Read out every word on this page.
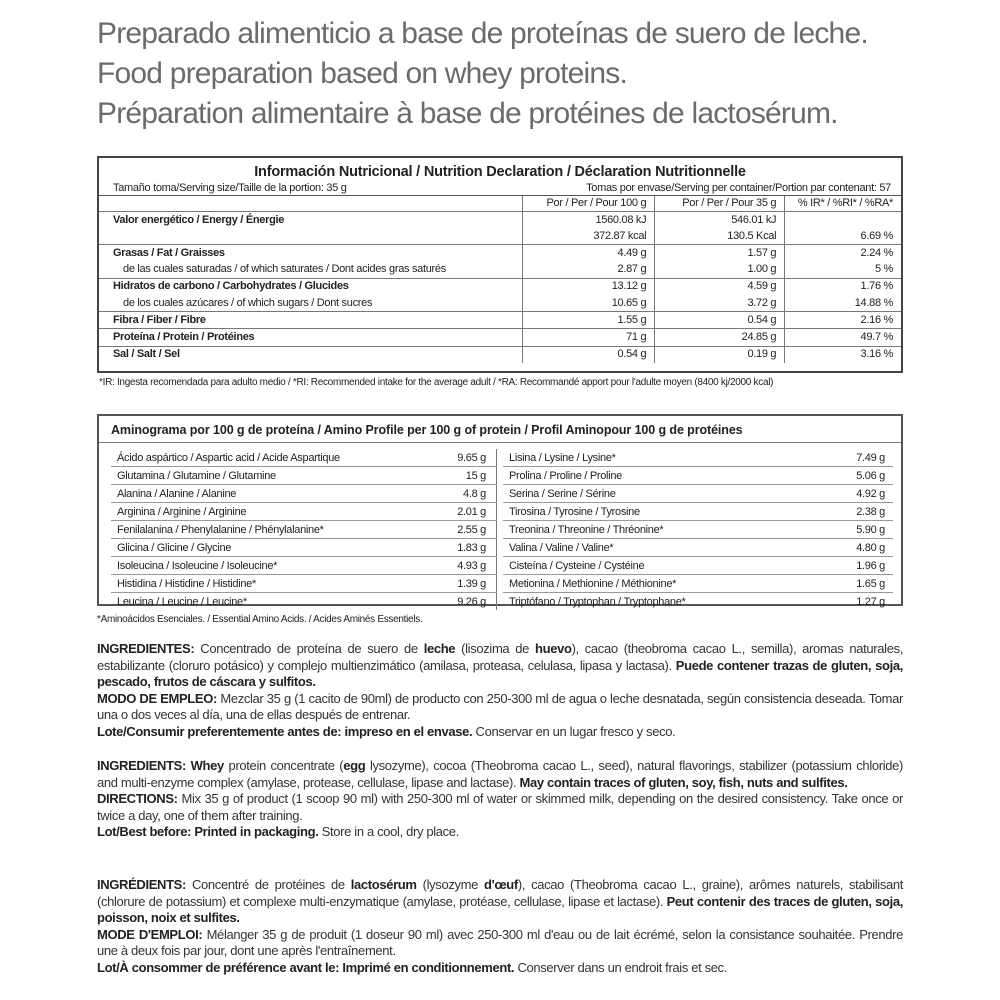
Preparado alimenticio a base de proteínas de suero de leche.
Food preparation based on whey proteins.
Préparation alimentaire à base de protéines de lactosérum.
Información Nutricional / Nutrition Declaration / Déclaration Nutritionnelle
Tamaño toma/Serving size/Taille de la portion: 35 g	Tomas por envase/Serving per container/Portion par contenant: 57
	Por / Per / Pour 100 g	Por / Per / Pour 35 g	% IR* / %RI* / %RA*
Valor energético / Energy / Énergie	1560.08 kJ	546.01 kJ	
	372.87 kcal	130.5 Kcal	6.69 %
Grasas / Fat / Graisses	4.49 g	1.57 g	2.24 %
de las cuales saturadas / of which saturates / Dont acides gras saturés	2.87 g	1.00 g	5 %
Hidratos de carbono / Carbohydrates / Glucides	13.12 g	4.59 g	1.76 %
de los cuales azúcares / of which sugars / Dont sucres	10.65 g	3.72 g	14.88 %
Fibra / Fiber / Fibre	1.55 g	0.54 g	2.16 %
Proteína / Protein / Protéines	71 g	24.85 g	49.7 %
Sal / Salt / Sel	0.54 g	0.19 g	3.16 %
*IR: Ingesta recomendada para adulto medio / *RI: Recommended intake for the average adult / *RA: Recommandé apport pour l'adulte moyen (8400 kj/2000 kcal)
Aminograma por 100 g de proteína / Amino Profile per 100 g of protein / Profil Aminopour 100 g de protéines
Ácido aspártico / Aspartic acid / Acide Aspartique	9.65 g
Glutamina / Glutamine / Glutamine	15 g
Alanina / Alanine / Alanine	4.8 g
Arginina / Arginine / Arginine	2.01 g
Fenilalanina / Phenylalanine / Phénylalanine*	2.55 g
Glicina / Glicine / Glycine	1.83 g
Isoleucina / Isoleucine / Isoleucine*	4.93 g
Histidina / Histidine / Histidine*	1.39 g
Leucina / Leucine / Leucine*	9.26 g
Lisina / Lysine / Lysine*	7.49 g
Prolina / Proline / Proline	5.06 g
Serina / Serine / Sérine	4.92 g
Tirosina / Tyrosine / Tyrosine	2.38 g
Treonina / Threonine / Thréonine*	5.90 g
Valina / Valine / Valine*	4.80 g
Cisteína / Cysteine / Cystéine	1.96 g
Metionina / Methionine / Méthionine*	1.65 g
Triptófano / Tryptophan / Tryptophane*	1.27 g
*Aminoácidos Esenciales. / Essential Amino Acids. / Acides Aminés Essentiels.

INGREDIENTES: Concentrado de proteína de suero de leche (lisozima de huevo), cacao (theobroma cacao L., semilla), aromas naturales, estabilizante (cloruro potásico) y complejo multienzimático (amilasa, proteasa, celulasa, lipasa y lactasa). Puede contener trazas de gluten, soja, pescado, frutos de cáscara y sulfitos.

MODO DE EMPLEO: Mezclar 35 g (1 cacito de 90ml) de producto con 250-300 ml de agua o leche desnatada, según consistencia deseada. Tomar una o dos veces al día, una de ellas después de entrenar.

Lote/Consumir preferentemente antes de: impreso en el envase. Conservar en un lugar fresco y seco.

INGREDIENTS: Whey protein concentrate (egg lysozyme), cocoa (Theobroma cacao L., seed), natural flavorings, stabilizer (potassium chloride) and multi-enzyme complex (amylase, protease, cellulase, lipase and lactase). May contain traces of gluten, soy, fish, nuts and sulfites.

DIRECTIONS: Mix 35 g of product (1 scoop 90 ml) with 250-300 ml of water or skimmed milk, depending on the desired consistency. Take once or twice a day, one of them after training.

Lot/Best before: Printed in packaging. Store in a cool, dry place.

INGRÉDIENTS: Concentré de protéines de lactosérum (lysozyme d'œuf), cacao (Theobroma cacao L., graine), arômes naturels, stabilisant (chlorure de potassium) et complexe multi-enzymatique (amylase, protéase, cellulase, lipase et lactase). Peut contenir des traces de gluten, soja, poisson, noix et sulfites.

MODE D'EMPLOI: Mélanger 35 g de produit (1 doseur 90 ml) avec 250-300 ml d'eau ou de lait écrémé, selon la consistance souhaitée. Prendre une à deux fois par jour, dont une après l'entraînement.

Lot/À consommer de préférence avant le: Imprimé en conditionnement. Conserver dans un endroit frais et sec.
